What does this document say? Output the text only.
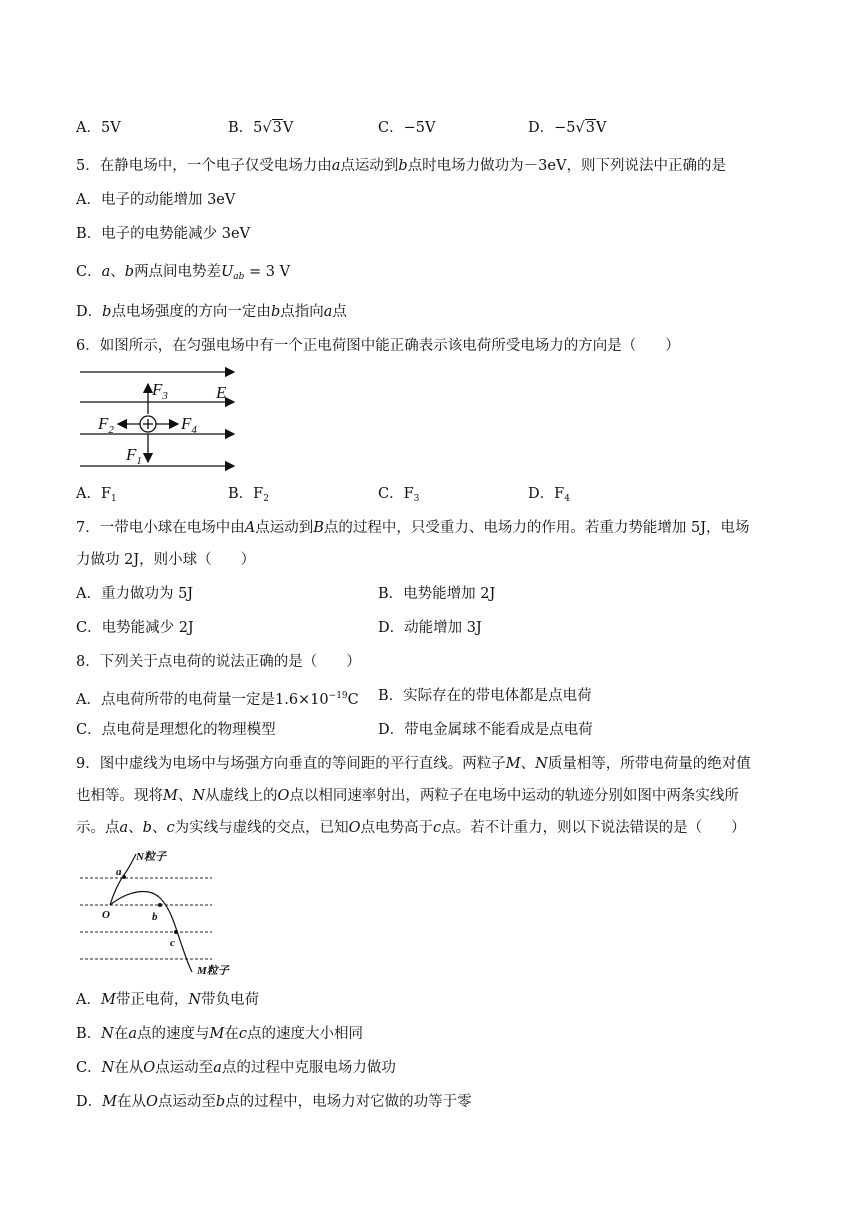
A．5V	B．5√3V	C．−5V	D．−5√3V
5．在静电场中，一个电子仅受电场力由a点运动到b点时电场力做功为－3eV，则下列说法中正确的是
A．电子的动能增加 3eV
B．电子的电势能减少 3eV
C．a、b两点间电势差$U_{ab} = 3$ V
D．b点电场强度的方向一定由b点指向a点
6．如图所示，在匀强电场中有一个正电荷图中能正确表示该电荷所受电场力的方向是（　　）
$F_3$	E
$F_2$	$F_4$
$F_1$
A．$F_1$	B．$F_2$	C．$F_3$	D．$F_4$
7．一带电小球在电场中由A点运动到B点的过程中，只受重力、电场力的作用。若重力势能增加 5J，电场
力做功 2J，则小球（　　）
A．重力做功为 5J	B．电势能增加 2J
C．电势能减少 2J	D．动能增加 3J
8．下列关于点电荷的说法正确的是（　　）
A．点电荷所带的电荷量一定是$1.6\times 10^{-19}C$ B．实际存在的带电体都是点电荷
C．点电荷是理想化的物理模型	D．带电金属球不能看成是点电荷
9．图中虚线为电场中与场强方向垂直的等间距的平行直线。两粒子M、N质量相等，所带电荷量的绝对值
也相等。现将M、N从虚线上的O点以相同速率射出，两粒子在电场中运动的轨迹分别如图中两条实线所
示。点a、b、c为实线与虚线的交点，已知O点电势高于c点。若不计重力，则以下说法错误的是（　　）
N粒子
M粒子
O
a
b
c
A．M带正电荷，N带负电荷
B．N在a点的速度与M在c点的速度大小相同
C．N在从O点运动至a点的过程中克服电场力做功
D．M在从O点运动至b点的过程中，电场力对它做的功等于零
